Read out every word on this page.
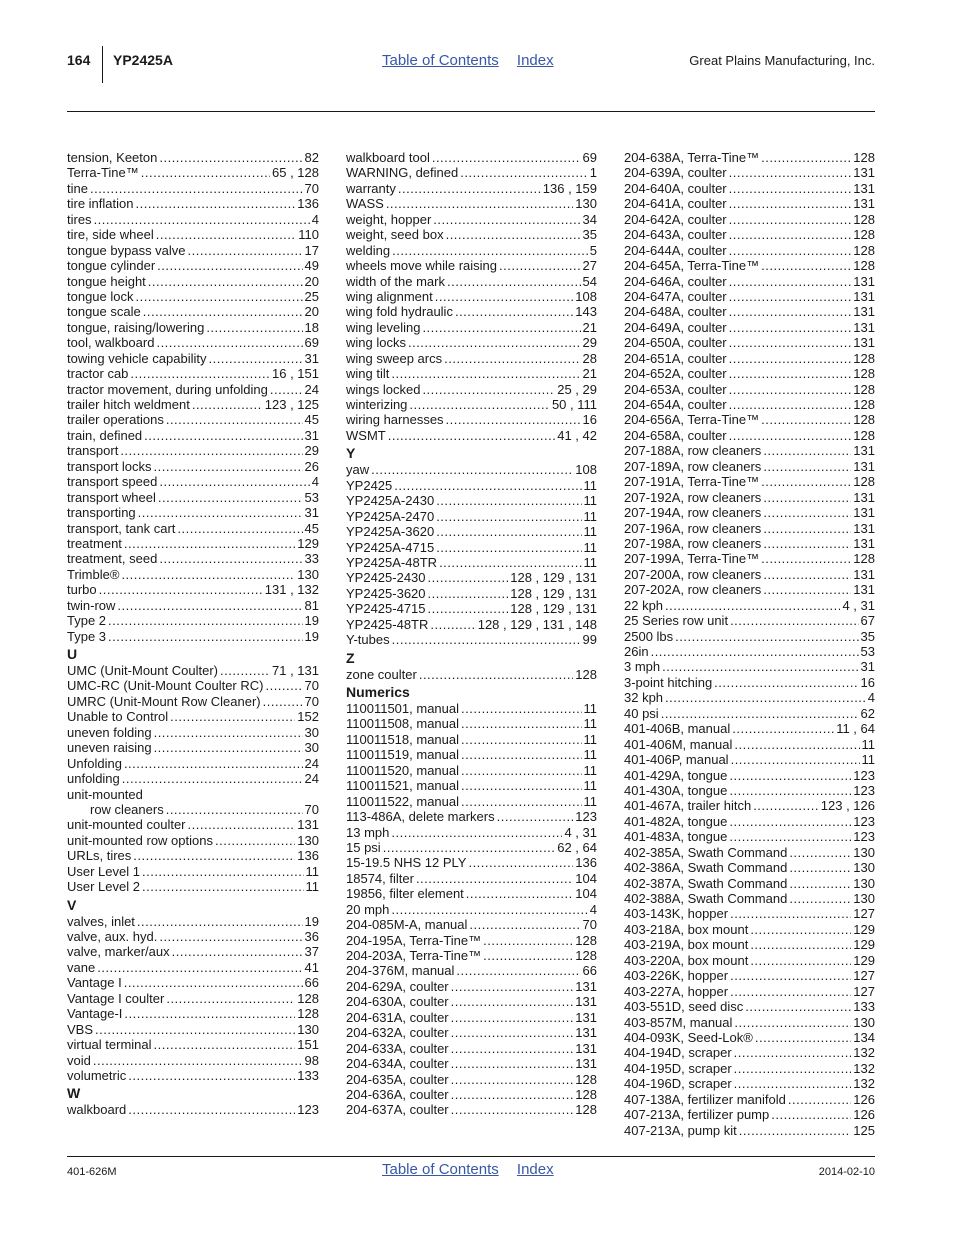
164 YP2425A	Table of Contents Index	Great Plains Manufacturing, Inc.
tension, Keeton .....	82
Terra-Tine™ .....	65 , 128
tine .....	70
tire inflation .....	136
tires .....	4
tire, side wheel .....	110
tongue bypass valve .....	17
tongue cylinder .....	49
tongue height .....	20
tongue lock .....	25
tongue scale .....	20
tongue, raising/lowering .....	18
tool, walkboard .....	69
towing vehicle capability .....	31
tractor cab .....	16 , 151
tractor movement, during unfolding .....	24
trailer hitch weldment .....	123 , 125
trailer operations .....	45
train, defined .....	31
transport .....	29
transport locks .....	26
transport speed .....	4
transport wheel .....	53
transporting .....	31
transport, tank cart .....	45
treatment .....	129
treatment, seed .....	33
Trimble® .....	130
turbo .....	131 , 132
twin-row .....	81
Type 2 .....	19
Type 3 .....	19
U
UMC (Unit-Mount Coulter) .....	71 , 131
UMC-RC (Unit-Mount Coulter RC) .....	70
UMRC (Unit-Mount Row Cleaner) .....	70
Unable to Control .....	152
uneven folding .....	30
uneven raising .....	30
Unfolding .....	24
unfolding .....	24
unit-mounted
row cleaners .....	70
unit-mounted coulter .....	131
unit-mounted row options .....	130
URLs, tires .....	136
User Level 1 .....	11
User Level 2 .....	11
V
valves, inlet .....	19
valve, aux. hyd. .....	36
valve, marker/aux .....	37
vane .....	41
Vantage I .....	66
Vantage I coulter .....	128
Vantage-I .....	128
VBS .....	130
virtual terminal .....	151
void .....	98
volumetric .....	133
W
walkboard .....	123
walkboard tool .....	69
WARNING, defined .....	1
warranty .....	136 , 159
WASS .....	130
weight, hopper .....	34
weight, seed box .....	35
welding .....	5
wheels move while raising .....	27
width of the mark .....	54
wing alignment .....	108
wing fold hydraulic .....	143
wing leveling .....	21
wing locks .....	29
wing sweep arcs .....	28
wing tilt .....	21
wings locked .....	25 , 29
winterizing .....	50 , 111
wiring harnesses .....	16
WSMT .....	41 , 42
Y
yaw .....	108
YP2425 .....	11
YP2425A-2430 .....	11
YP2425A-2470 .....	11
YP2425A-3620 .....	11
YP2425A-4715 .....	11
YP2425A-48TR .....	11
YP2425-2430 .....	128 , 129 , 131
YP2425-3620 .....	128 , 129 , 131
YP2425-4715 .....	128 , 129 , 131
YP2425-48TR .....	128 , 129 , 131 , 148
Y-tubes .....	99
Z
zone coulter .....	128
Numerics
110011501, manual .....	11
110011508, manual .....	11
110011518, manual .....	11
110011519, manual .....	11
110011520, manual .....	11
110011521, manual .....	11
110011522, manual .....	11
113-486A, delete markers .....	123
13 mph .....	4 , 31
15 psi .....	62 , 64
15-19.5 NHS 12 PLY .....	136
18574, filter .....	104
19856, filter element .....	104
20 mph .....	4
204-085M-A, manual .....	70
204-195A, Terra-Tine™ .....	128
204-203A, Terra-Tine™ .....	128
204-376M, manual .....	66
204-629A, coulter .....	131
204-630A, coulter .....	131
204-631A, coulter .....	131
204-632A, coulter .....	131
204-633A, coulter .....	131
204-634A, coulter .....	131
204-635A, coulter .....	128
204-636A, coulter .....	128
204-637A, coulter .....	128
204-638A, Terra-Tine™ .....	128
204-639A, coulter .....	131
204-640A, coulter .....	131
204-641A, coulter .....	131
204-642A, coulter .....	128
204-643A, coulter .....	128
204-644A, coulter .....	128
204-645A, Terra-Tine™ .....	128
204-646A, coulter .....	131
204-647A, coulter .....	131
204-648A, coulter .....	131
204-649A, coulter .....	131
204-650A, coulter .....	131
204-651A, coulter .....	128
204-652A, coulter .....	128
204-653A, coulter .....	128
204-654A, coulter .....	128
204-656A, Terra-Tine™ .....	128
204-658A, coulter .....	128
207-188A, row cleaners .....	131
207-189A, row cleaners .....	131
207-191A, Terra-Tine™ .....	128
207-192A, row cleaners .....	131
207-194A, row cleaners .....	131
207-196A, row cleaners .....	131
207-198A, row cleaners .....	131
207-199A, Terra-Tine™ .....	128
207-200A, row cleaners .....	131
207-202A, row cleaners .....	131
22 kph .....	4 , 31
25 Series row unit .....	67
2500 lbs .....	35
26in .....	53
3 mph .....	31
3-point hitching .....	16
32 kph .....	4
40 psi .....	62
401-406B, manual .....	11 , 64
401-406M, manual .....	11
401-406P, manual .....	11
401-429A, tongue .....	123
401-430A, tongue .....	123
401-467A, trailer hitch .....	123 , 126
401-482A, tongue .....	123
401-483A, tongue .....	123
402-385A, Swath Command .....	130
402-386A, Swath Command .....	130
402-387A, Swath Command .....	130
402-388A, Swath Command .....	130
403-143K, hopper .....	127
403-218A, box mount .....	129
403-219A, box mount .....	129
403-220A, box mount .....	129
403-226K, hopper .....	127
403-227A, hopper .....	127
403-551D, seed disc .....	133
403-857M, manual .....	130
404-093K, Seed-Lok® .....	134
404-194D, scraper .....	132
404-195D, scraper .....	132
404-196D, scraper .....	132
407-138A, fertilizer manifold .....	126
407-213A, fertilizer pump .....	126
407-213A, pump kit .....	125
401-626M	Table of Contents Index	2014-02-10
